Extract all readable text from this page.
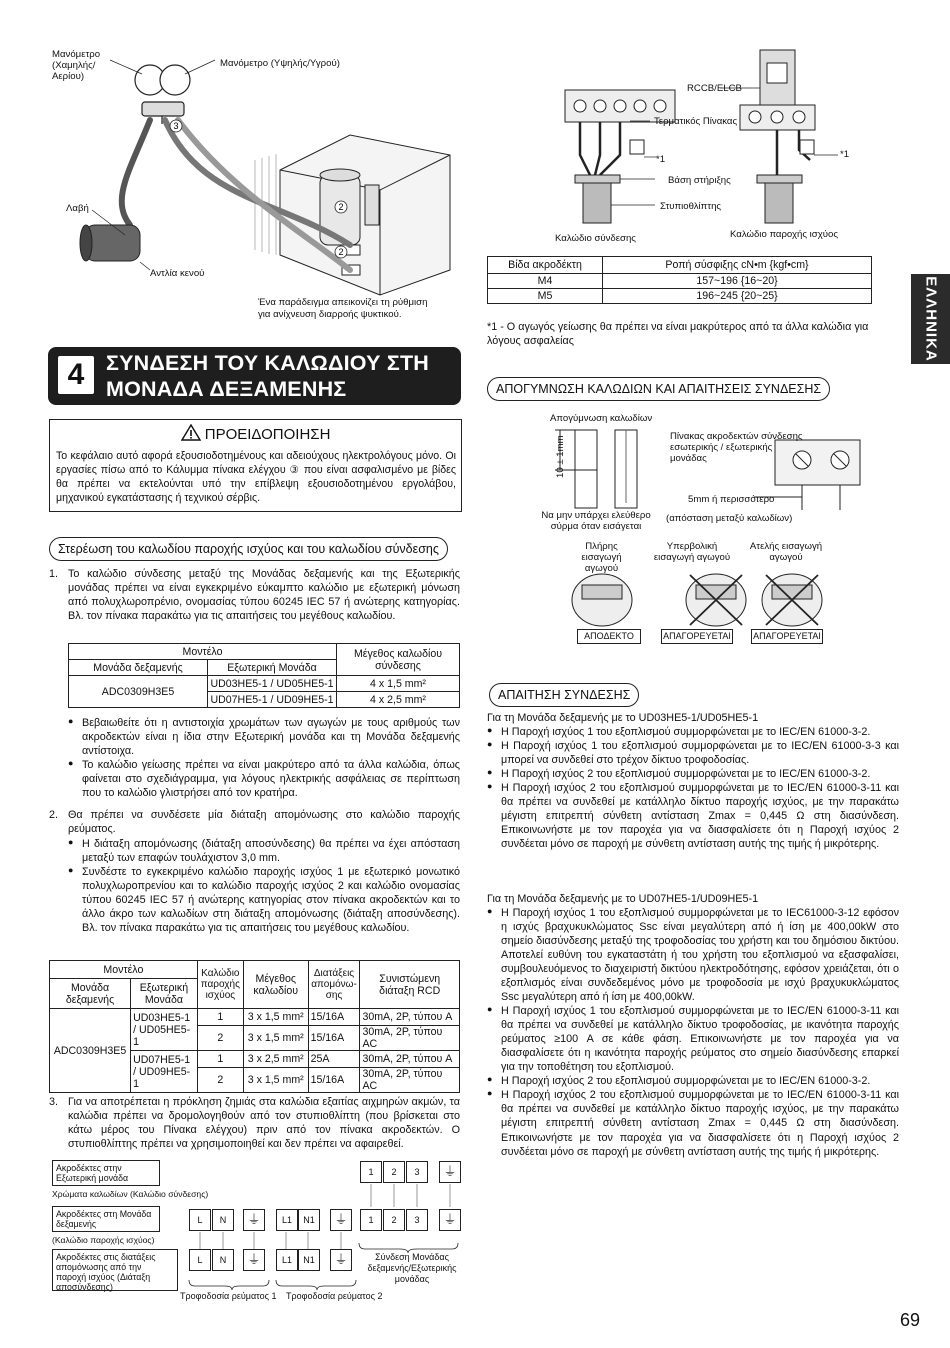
3
2
2
Μανόμετρο
(Χαμηλής/
Αερίου)
Μανόμετρο (Υψηλής/Υγρού)
Λαβή
Αντλία κενού
Ένα παράδειγμα απεικονίζει τη ρύθμιση
για ανίχνευση διαρροής ψυκτικού.
RCCB/ELCB
Τερματικός Πίνακας
*1	*1
Βάση στήριξης
Στυπιοθλίπτης
Καλώδιο σύνδεσης	Καλώδιο παροχής ισχύος
Βίδα ακροδέκτη	Ροπή σύσφιξης cN•m {kgf•cm}
M4	157~196 {16~20}
M5	196~245 {20~25}
*1 - Ο αγωγός γείωσης θα πρέπει να είναι μακρύτερος από τα άλλα καλώδια για λόγους ασφαλείας	ΕΛΛΗΝΙΚΑ
4	ΣΥΝΔΕΣΗ ΤΟΥ ΚΑΛΩΔΙΟΥ ΣΤΗ
ΜΟΝΑΔΑ ΔΕΞΑΜΕΝΗΣ
ΠΡΟΕΙΔΟΠΟΙΗΣΗ
Το κεφάλαιο αυτό αφορά εξουσιοδοτημένους και αδειούχους ηλεκτρολόγους μόνο. Οι εργασίες πίσω από το Κάλυμμα πίνακα ελέγχου ③ που είναι ασφαλισμένο με βίδες θα πρέπει να εκτελούνται υπό την επίβλεψη εξουσιοδοτημένου εργολάβου, μηχανικού εγκατάστασης ή τεχνικού σέρβις.
Στερέωση του καλωδίου παροχής ισχύος και του καλωδίου σύνδεσης
1. Το καλώδιο σύνδεσης μεταξύ της Μονάδας δεξαμενής και της Εξωτερικής μονάδας πρέπει να είναι εγκεκριμένο εύκαμπτο καλώδιο με εξωτερική μόνωση από πολυχλωροπρένιο, ονομασίας τύπου 60245 IEC 57 ή ανώτερης κατηγορίας. Βλ. τον πίνακα παρακάτω για τις απαιτήσεις του μεγέθους καλωδίου.
Μοντέλο		Μέγεθος καλωδίου σύνδεσης
Μονάδα δεξαμενής	Εξωτερική Μονάδα	
ADC0309H3E5	UD03HE5-1 / UD05HE5-1	4 x 1,5 mm²
	UD07HE5-1 / UD09HE5-1	4 x 2,5 mm²
● Βεβαιωθείτε ότι η αντιστοιχία χρωμάτων των αγωγών με τους αριθμούς των ακροδεκτών είναι η ίδια στην Εξωτερική μονάδα και τη Μονάδα δεξαμενής αντίστοιχα.
● Το καλώδιο γείωσης πρέπει να είναι μακρύτερο από τα άλλα καλώδια, όπως φαίνεται στο σχεδιάγραμμα, για λόγους ηλεκτρικής ασφάλειας σε περίπτωση που το καλώδιο γλιστρήσει από τον κρατήρα.
2. Θα πρέπει να συνδέσετε μία διάταξη απομόνωσης στο καλώδιο παροχής ρεύματος.
● Η διάταξη απομόνωσης (διάταξη αποσύνδεσης) θα πρέπει να έχει απόσταση μεταξύ των επαφών τουλάχιστον 3,0 mm.
● Συνδέστε το εγκεκριμένο καλώδιο παροχής ισχύος 1 με εξωτερικό μονωτικό πολυχλωροπρενίου και το καλώδιο παροχής ισχύος 2 και καλώδιο ονομασίας τύπου 60245 IEC 57 ή ανώτερης κατηγορίας στον πίνακα ακροδεκτών και το άλλο άκρο των καλωδίων στη διάταξη απομόνωσης (διάταξη αποσύνδεσης). Βλ. τον πίνακα παρακάτω για τις απαιτήσεις του μεγέθους καλωδίου.
Μοντέλο		Καλώδιο παροχής ισχύος	Μέγεθος καλωδίου	Διατάξεις απομόνω-σης	Συνιστώμενη διάταξη RCD
Μονάδα δεξαμενής	Εξωτερική Μονάδα				
ADC0309H3E5	UD03HE5-1 / UD05HE5-1	1	3 x 1,5 mm²	15/16A	30mA, 2P, τύπου A
		2	3 x 1,5 mm²	15/16A	30mA, 2P, τύπου AC
	UD07HE5-1 / UD09HE5-1	1	3 x 2,5 mm²	25A	30mA, 2P, τύπου A
		2	3 x 1,5 mm²	15/16A	30mA, 2P, τύπου AC
3. Για να αποτρέπεται η πρόκληση ζημιάς στα καλώδια εξαιτίας αιχμηρών ακμών, τα καλώδια πρέπει να δρομολογηθούν από τον στυπιοθλίπτη (που βρίσκεται στο κάτω μέρος του Πίνακα ελέγχου) πριν από τον πίνακα ακροδεκτών. Ο στυπιοθλίπτης πρέπει να χρησιμοποιηθεί και δεν πρέπει να αφαιρεθεί.
Ακροδέκτες στην Εξωτερική μονάδα
Χρώματα καλωδίων (Καλώδιο σύνδεσης)
Ακροδέκτες στη Μονάδα δεξαμενής
(Καλώδιο παροχής ισχύος)
Ακροδέκτες στις διατάξεις απομόνωσης από την παροχή ισχύος (Διάταξη αποσύνδεσης)
L	N ⏚	L1	N1
⏚
L	N ⏚	L1	N1
⏚
1	2	3
⏚
1	2	3
⏚
Τροφοδοσία ρεύματος 1 Τροφοδοσία ρεύματος 2
Σύνδεση Μονάδας δεξαμενής/Εξωτερικής μονάδας
ΑΠΟΓΥΜΝΩΣΗ ΚΑΛΩΔΙΩΝ ΚΑΙ ΑΠΑΙΤΗΣΕΙΣ ΣΥΝΔΕΣΗΣ
Απογύμνωση καλωδίων
10 ± 1mm
Να μην υπάρχει ελεύθερο σύρμα όταν εισάγεται
Πίνακας ακροδεκτών σύνδεσης εσωτερικής / εξωτερικής μονάδας
5mm ή περισσότερο
(απόσταση μεταξύ καλωδίων)
Πλήρης εισαγωγή αγωγού
Υπερβολική εισαγωγή αγωγού
Ατελής εισαγωγή αγωγού
ΑΠΟΔΕΚΤΟ	ΑΠΑΓΟΡΕΥΕΤΑΙ ΑΠΑΓΟΡΕΥΕΤΑΙ
ΑΠΑΙΤΗΣΗ ΣΥΝΔΕΣΗΣ
Για τη Μονάδα δεξαμενής με το UD03HE5-1/UD05HE5-1
● Η Παροχή ισχύος 1 του εξοπλισμού συμμορφώνεται με το IEC/EN 61000-3-2.
● Η Παροχή ισχύος 1 του εξοπλισμού συμμορφώνεται με το IEC/EN 61000-3-3 και μπορεί να συνδεθεί στο τρέχον δίκτυο τροφοδοσίας.
● Η Παροχή ισχύος 2 του εξοπλισμού συμμορφώνεται με το IEC/EN 61000-3-2.
● Η Παροχή ισχύος 2 του εξοπλισμού συμμορφώνεται με το IEC/EN 61000-3-11 και θα πρέπει να συνδεθεί με κατάλληλο δίκτυο παροχής ισχύος, με την παρακάτω μέγιστη επιτρεπτή σύνθετη αντίσταση Zmax = 0,445 Ω στη διασύνδεση. Επικοινωνήστε με τον παροχέα για να διασφαλίσετε ότι η Παροχή ισχύος 2 συνδέεται μόνο σε παροχή με σύνθετη αντίσταση αυτής της τιμής ή μικρότερης.
Για τη Μονάδα δεξαμενής με το UD07HE5-1/UD09HE5-1
● Η Παροχή ισχύος 1 του εξοπλισμού συμμορφώνεται με το IEC61000-3-12 εφόσον η ισχύς βραχυκυκλώματος Ssc είναι μεγαλύτερη από ή ίση με 400,00kW στο σημείο διασύνδεσης μεταξύ της τροφοδοσίας του χρήστη και του δημόσιου δικτύου. Αποτελεί ευθύνη του εγκαταστάτη ή του χρήστη του εξοπλισμού να εξασφαλίσει, συμβουλευόμενος το διαχειριστή δικτύου ηλεκτροδότησης, εφόσον χρειάζεται, ότι ο εξοπλισμός είναι συνδεδεμένος μόνο με τροφοδοσία με ισχύ βραχυκυκλώματος Ssc μεγαλύτερη από ή ίση με 400,00kW.
● Η Παροχή ισχύος 1 του εξοπλισμού συμμορφώνεται με το IEC/EN 61000-3-11 και θα πρέπει να συνδεθεί με κατάλληλο δίκτυο τροφοδοσίας, με ικανότητα παροχής ρεύματος ≥100 A σε κάθε φάση. Επικοινωνήστε με τον παροχέα για να διασφαλίσετε ότι η ικανότητα παροχής ρεύματος στο σημείο διασύνδεσης επαρκεί για την τοποθέτηση του εξοπλισμού.
● Η Παροχή ισχύος 2 του εξοπλισμού συμμορφώνεται με το IEC/EN 61000-3-2.
● Η Παροχή ισχύος 2 του εξοπλισμού συμμορφώνεται με το IEC/EN 61000-3-11 και θα πρέπει να συνδεθεί με κατάλληλο δίκτυο παροχής ισχύος, με την παρακάτω μέγιστη επιτρεπτή σύνθετη αντίσταση Zmax = 0,445 Ω στη διασύνδεση. Επικοινωνήστε με τον παροχέα για να διασφαλίσετε ότι η Παροχή ισχύος 2 συνδέεται μόνο σε παροχή με σύνθετη αντίσταση αυτής της τιμής ή μικρότερης.
69
